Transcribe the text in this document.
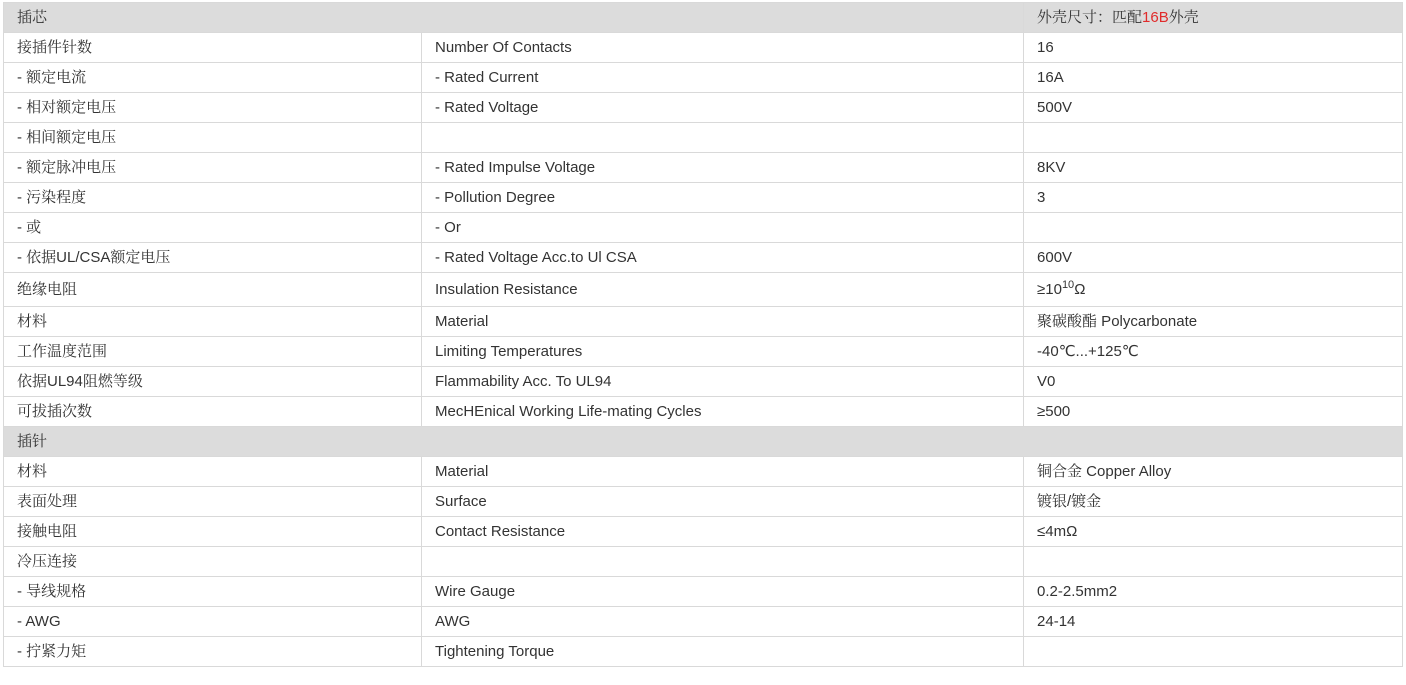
插芯		外壳尺寸：匹配16B外壳
接插件针数	Number Of Contacts	16
- 额定电流	- Rated Current	16A
- 相对额定电压	- Rated Voltage	500V
- 相间额定电压		
- 额定脉冲电压	- Rated Impulse Voltage	8KV
- 污染程度	- Pollution Degree	3
- 或	- Or	
- 依据UL/CSA额定电压	- Rated Voltage Acc.to Ul CSA	600V
绝缘电阻	Insulation Resistance	$\ge 10^{10}\Omega$
材料	Material	聚碳酸酯 Polycarbonate
工作温度范围	Limiting Temperatures	-40℃...+125℃
依据UL94阻燃等级	Flammability Acc. To UL94	V0
可拔插次数	MecHEnical Working Life-mating Cycles	≥500
插针		
材料	Material	铜合金 Copper Alloy
表面处理	Surface	镀银/镀金
接触电阻	Contact Resistance	≤4mΩ
冷压连接		
- 导线规格	Wire Gauge	0.2-2.5mm2
- AWG	AWG	24-14
- 拧紧力矩	Tightening Torque	
